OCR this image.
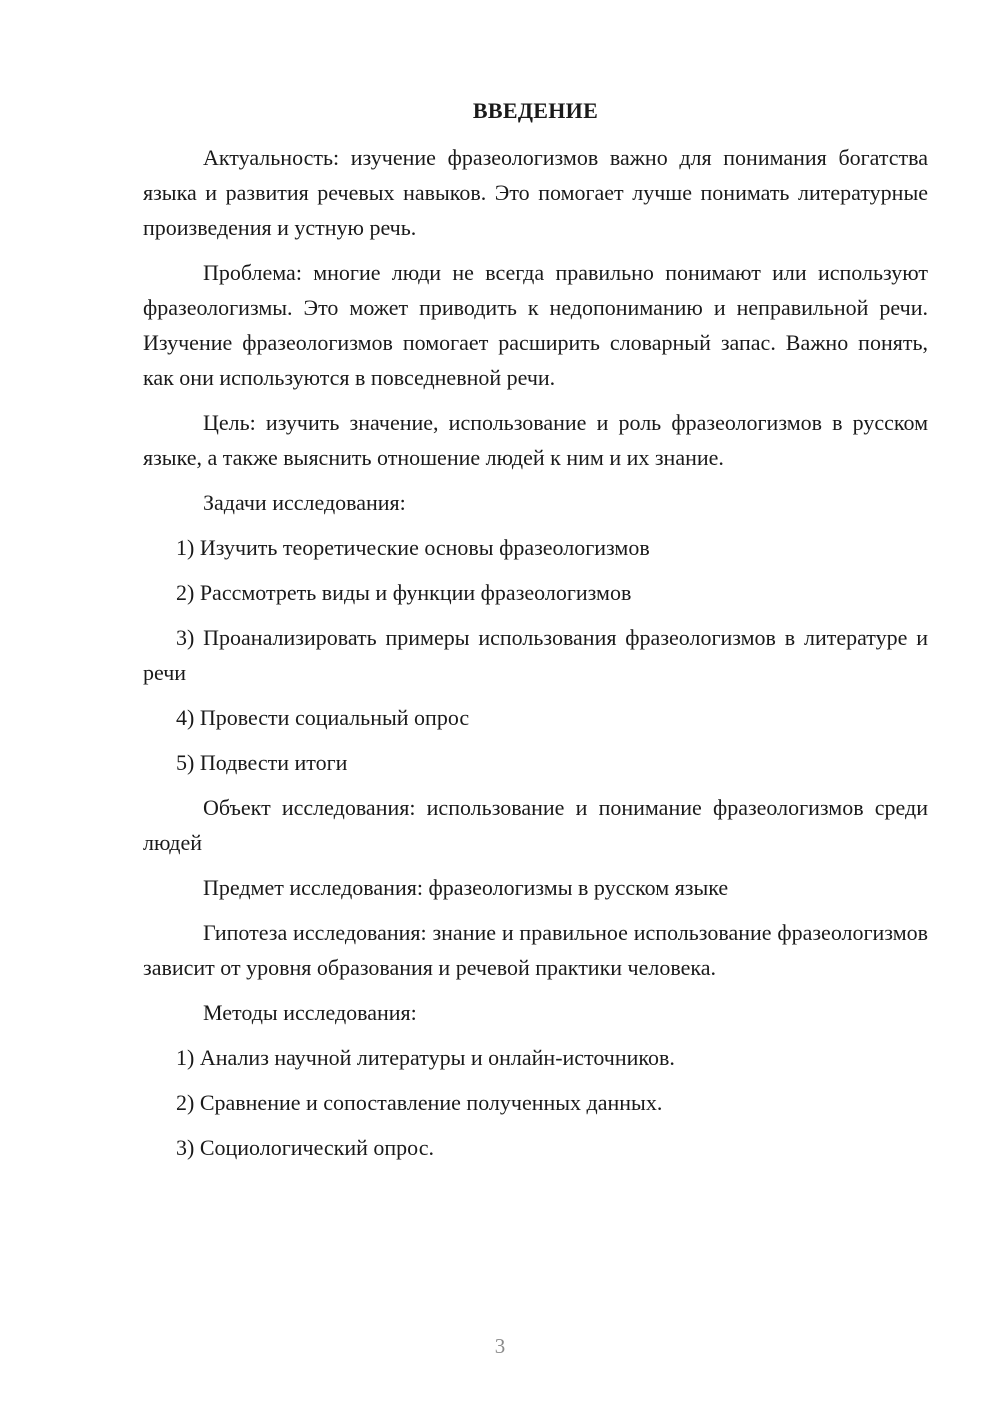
ВВЕДЕНИЕ

Актуальность: изучение фразеологизмов важно для понимания богатства языка и развития речевых навыков. Это помогает лучше понимать литературные произведения и устную речь.

Проблема: многие люди не всегда правильно понимают или используют фразеологизмы. Это может приводить к недопониманию и неправильной речи. Изучение фразеологизмов помогает расширить словарный запас. Важно понять, как они используются в повседневной речи.

Цель: изучить значение, использование и роль фразеологизмов в русском языке, а также выяснить отношение людей к ним и их знание.

Задачи исследования:

1) Изучить теоретические основы фразеологизмов

2) Рассмотреть виды и функции фразеологизмов

3) Проанализировать примеры использования фразеологизмов в литературе и речи

4) Провести социальный опрос

5) Подвести итоги

Объект исследования: использование и понимание фразеологизмов среди людей

Предмет исследования: фразеологизмы в русском языке

Гипотеза исследования: знание и правильное использование фразеологизмов зависит от уровня образования и речевой практики человека.

Методы исследования:

1) Анализ научной литературы и онлайн-источников.

2) Сравнение и сопоставление полученных данных.

3) Социологический опрос.

3
